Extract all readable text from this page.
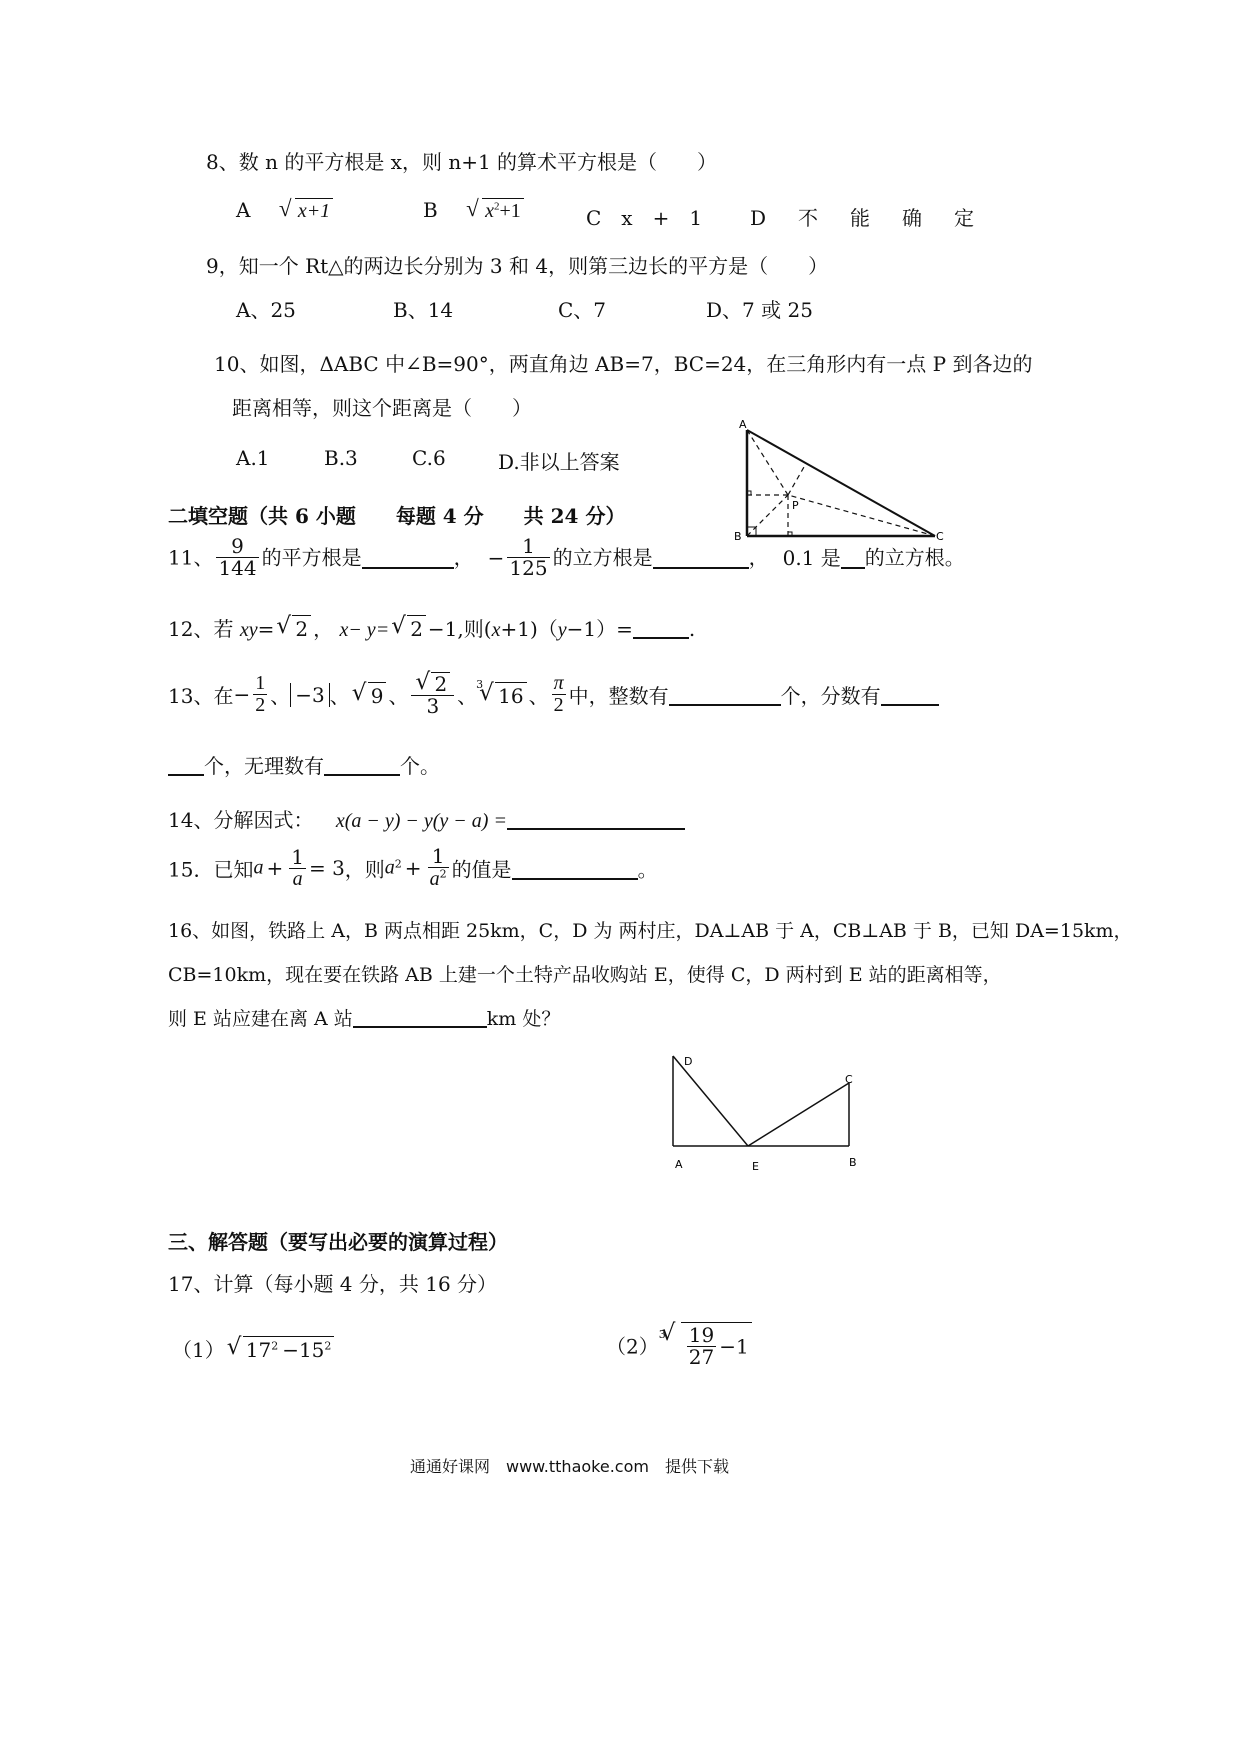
8、数 n 的平方根是 x，则 n+1 的算术平方根是（　　）
A √ x+1	B √ $x^2+1$	C　x　+　1 D　不　能　确　定
9，知一个 Rt△的两边长分别为 3 和 4，则第三边长的平方是（　　）
A、25	B、14	C、7	D、7 或 25
10、如图，ΔABC 中∠B=90°，两直角边 AB=7，BC=24，在三角形内有一点 P 到各边的
距离相等，则这个距离是（　　）
A.1	B.3	C.6	D.非以上答案
A
B	C
P
二填空题（共 6 小题　　每题 4 分　　共 24 分）
11、 $\frac{9}{144}$ 的平方根是	， − $\frac{1}{125}$ 的立方根是	， 0.1 是 的立方根。
12、若 xy= √ 2 ， x− y= √ 2 −1,则(x+1)（y−1）=	.
13、在− $\frac{1}{2}$ 、 −3 、 √ 9 、 √ $\frac{2}{3}$ 、 √ 3 16 、 $\frac{\pi}{2}$ 中，整数有	个，分数有
个，无理数有	个。
14、分解因式： x(a − y) − y(y − a) =
15．已知$a + \frac{1}{a} = 3$，则$a^2 + \frac{1}{a^2}$ 的值是	。
16、如图，铁路上 A，B 两点相距 25km，C，D 为 两村庄，DA⊥AB 于 A，CB⊥AB 于 B，已知 DA=15km，
CB=10km，现在要在铁路 AB 上建一个土特产品收购站 E，使得 C，D 两村到 E 站的距离相等，
则 E 站应建在离 A 站	km 处？
D
C
A	E	B
三、解答题（要写出必要的演算过程）
17、计算（每小题 4 分，共 16 分）
（1） √ $17^2 -15^2$	（2） √ $3 \frac{19}{27} -1$
通通好课网　www.tthaoke.com　提供下载
